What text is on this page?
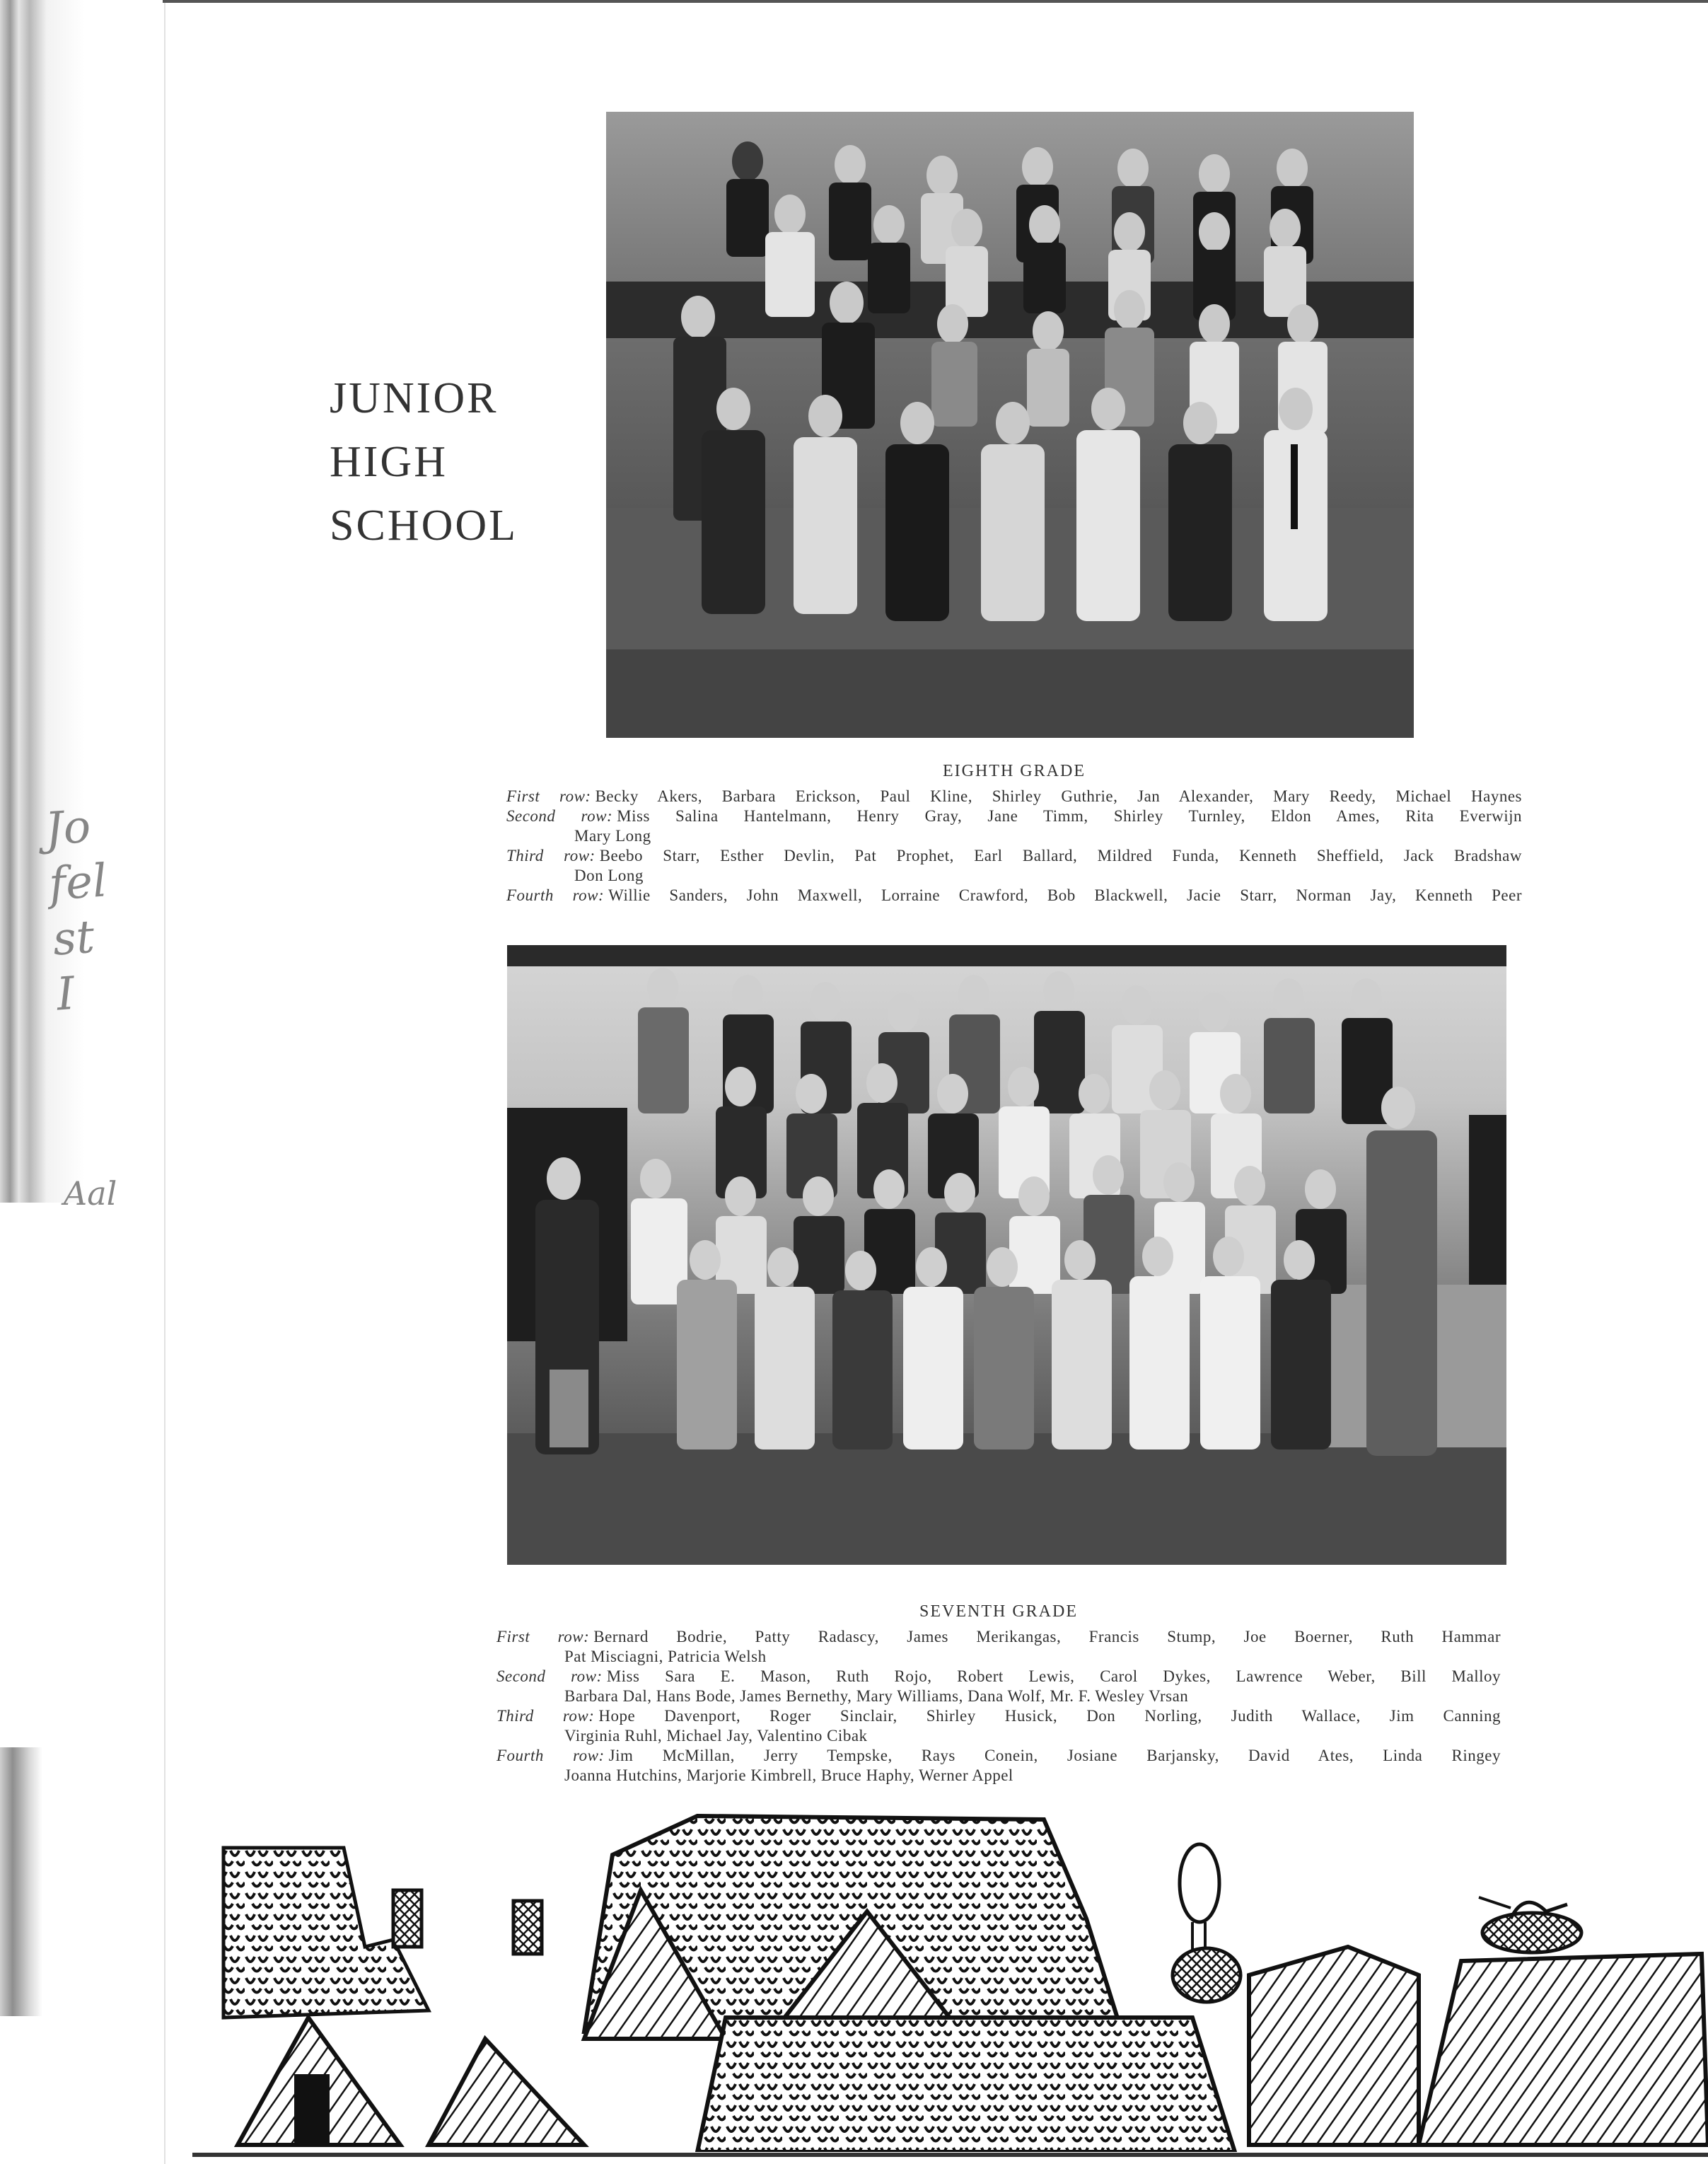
Jo
fel
st
I
Aal
JUNIOR
HIGH
SCHOOL
EIGHTH GRADE
First row: Becky Akers, Barbara Erickson, Paul Kline, Shirley Guthrie, Jan Alexander, Mary Reedy, Michael Haynes
Second row: Miss Salina Hantelmann, Henry Gray, Jane Timm, Shirley Turnley, Eldon Ames, Rita Everwijn
Mary Long
Third row: Beebo Starr, Esther Devlin, Pat Prophet, Earl Ballard, Mildred Funda, Kenneth Sheffield, Jack Bradshaw
Don Long
Fourth row: Willie Sanders, John Maxwell, Lorraine Crawford, Bob Blackwell, Jacie Starr, Norman Jay, Kenneth Peer
SEVENTH GRADE
First row: Bernard Bodrie, Patty Radascy, James Merikangas, Francis Stump, Joe Boerner, Ruth Hammar
Pat Misciagni, Patricia Welsh
Second row: Miss Sara E. Mason, Ruth Rojo, Robert Lewis, Carol Dykes, Lawrence Weber, Bill Malloy
Barbara Dal, Hans Bode, James Bernethy, Mary Williams, Dana Wolf, Mr. F. Wesley Vrsan
Third row: Hope Davenport, Roger Sinclair, Shirley Husick, Don Norling, Judith Wallace, Jim Canning
Virginia Ruhl, Michael Jay, Valentino Cibak
Fourth row: Jim McMillan, Jerry Tempske, Rays Conein, Josiane Barjansky, David Ates, Linda Ringey
Joanna Hutchins, Marjorie Kimbrell, Bruce Haphy, Werner Appel
